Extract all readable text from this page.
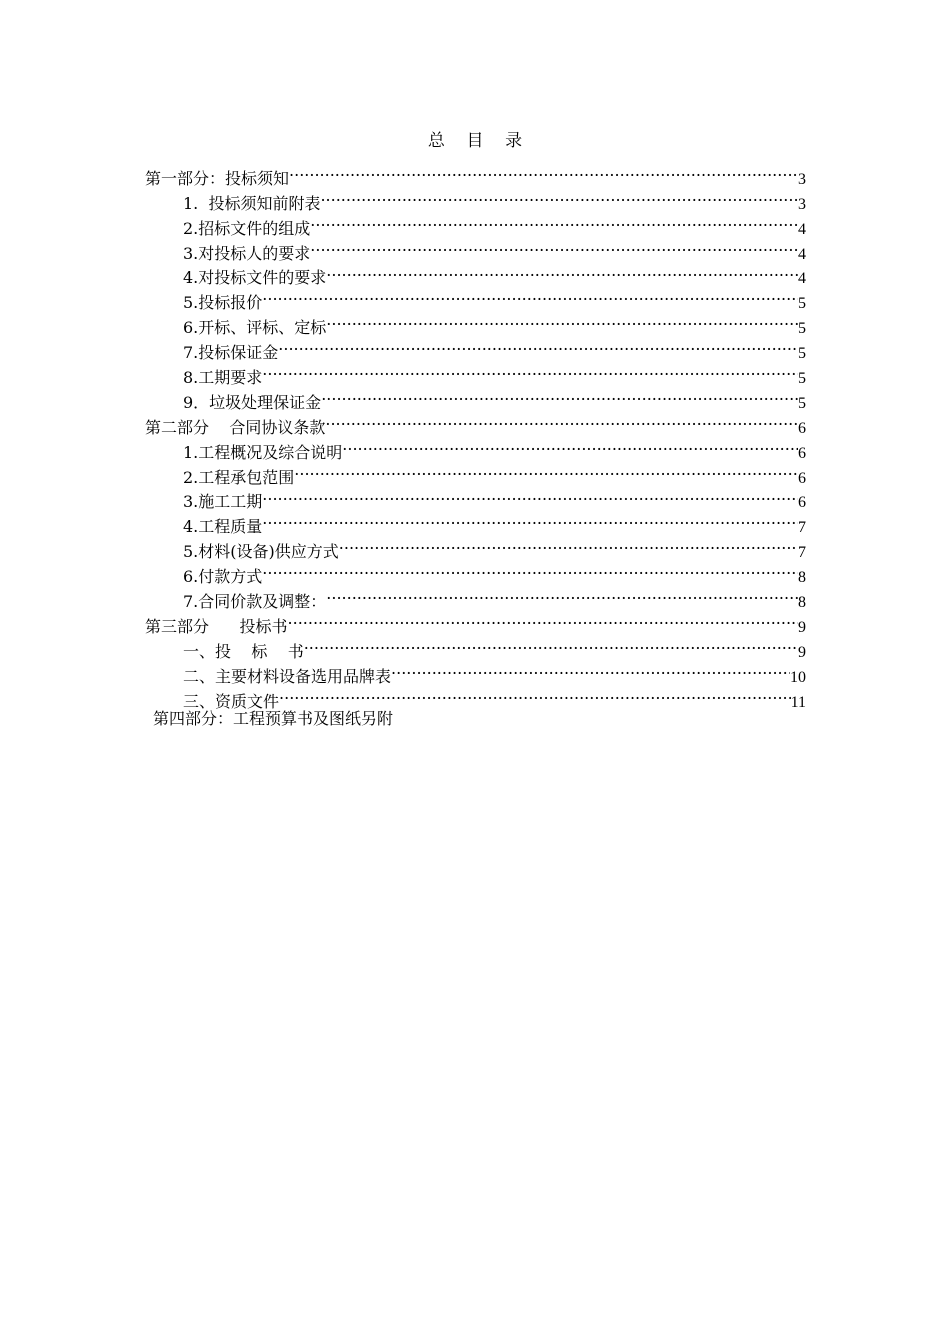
总    目    录
第一部分：投标须知 .....	3
1.  投标须知前附表 .....	3
2.招标文件的组成 .....	4
3.对投标人的要求 .....	4
4.对投标文件的要求 .....	4
5.投标报价 .....	5
6.开标、评标、定标 .....	5
7.投标保证金 .....	5
8.工期要求 .....	5
9．垃圾处理保证金 .....	5
第二部分    合同协议条款 .....	6
1.工程概况及综合说明 .....	6
2.工程承包范围 .....	6
3.施工工期 .....	6
4.工程质量 .....	7
5.材料(设备)供应方式 .....	7
6.付款方式 .....	8
7.合同价款及调整： .....	8
第三部分      投标书 .....	9
一、投    标    书 .....	9
二、主要材料设备选用品牌表 .....	10
三、资质文件 .....	11
第四部分：工程预算书及图纸另附
